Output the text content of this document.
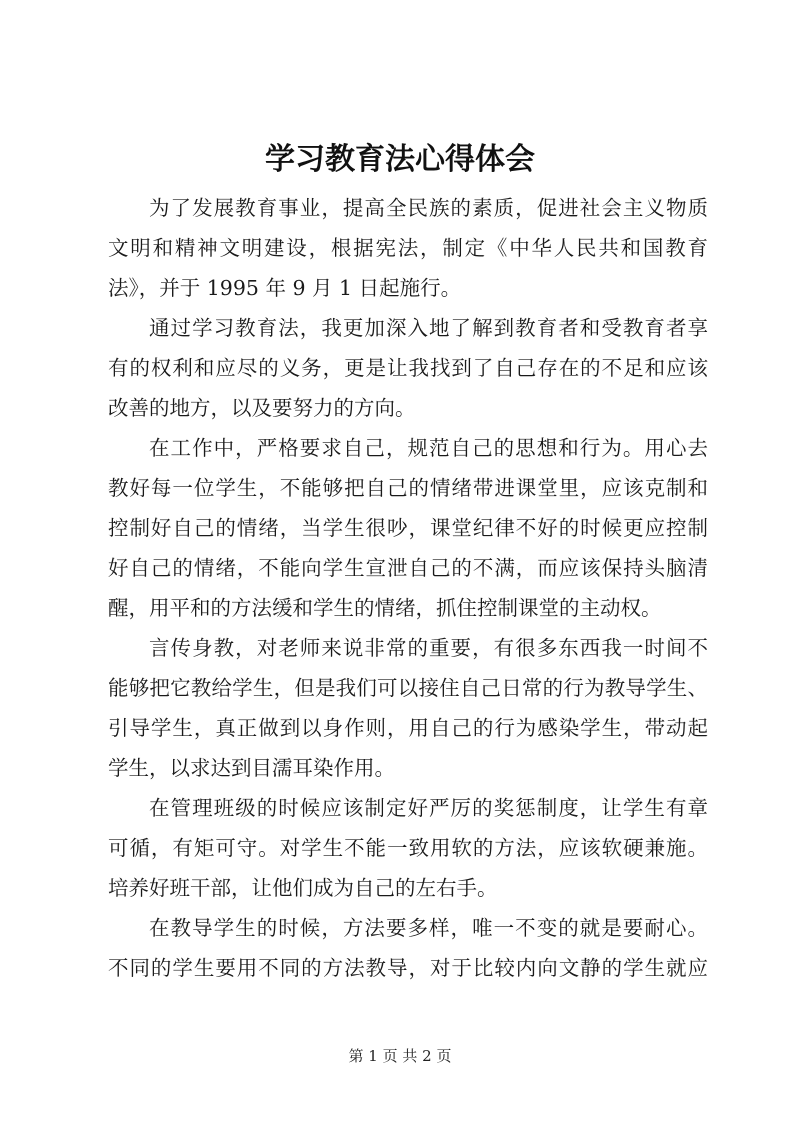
学习教育法心得体会
为了发展教育事业，提高全民族的素质，促进社会主义物质
文明和精神文明建设，根据宪法，制定《中华人民共和国教育
法》，并于 1995 年 9 月 1 日起施行。
通过学习教育法，我更加深入地了解到教育者和受教育者享
有的权利和应尽的义务，更是让我找到了自己存在的不足和应该
改善的地方，以及要努力的方向。
在工作中，严格要求自己，规范自己的思想和行为。用心去
教好每一位学生，不能够把自己的情绪带进课堂里，应该克制和
控制好自己的情绪，当学生很吵，课堂纪律不好的时候更应控制
好自己的情绪，不能向学生宣泄自己的不满，而应该保持头脑清
醒，用平和的方法缓和学生的情绪，抓住控制课堂的主动权。
言传身教，对老师来说非常的重要，有很多东西我一时间不
能够把它教给学生，但是我们可以接住自己日常的行为教导学生、
引导学生，真正做到以身作则，用自己的行为感染学生，带动起
学生，以求达到目濡耳染作用。
在管理班级的时候应该制定好严厉的奖惩制度，让学生有章
可循，有矩可守。对学生不能一致用软的方法，应该软硬兼施。
培养好班干部，让他们成为自己的左右手。
在教导学生的时候，方法要多样，唯一不变的就是要耐心。
不同的学生要用不同的方法教导，对于比较内向文静的学生就应
第 1 页 共 2 页
